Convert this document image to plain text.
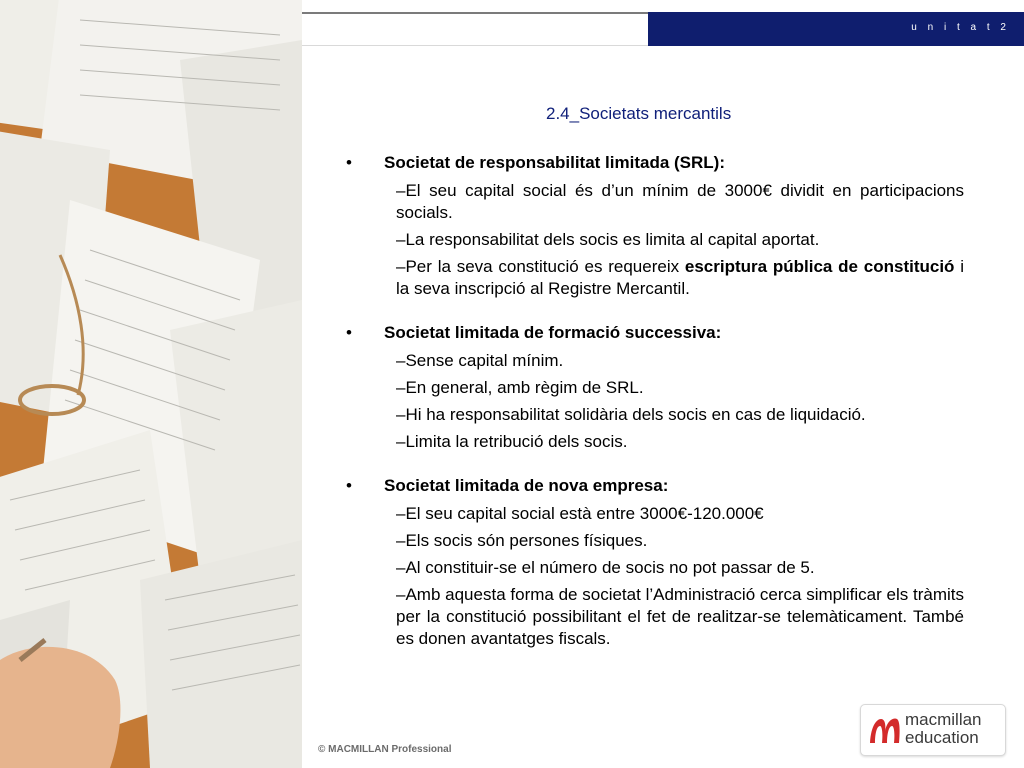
u n i t a t 2
2.4_Societats mercantils
•	Societat de responsabilitat limitada (SRL):
–El seu capital social és d’un mínim de 3000€ dividit en participacions socials.
–La responsabilitat dels socis es limita al capital aportat.
–Per la seva constitució es requereix escriptura pública de constitució i la seva inscripció al Registre Mercantil.
•	Societat limitada de formació successiva:
–Sense capital mínim.
–En general, amb règim de SRL.
–Hi ha responsabilitat solidària dels socis en cas de liquidació.
–Limita la retribució dels socis.
•	Societat limitada de nova empresa:
–El seu capital social està entre 3000€-120.000€
–Els socis són persones físiques.
–Al constituir-se el número de socis no pot passar de 5.
–Amb aquesta forma de societat l’Administració cerca simplificar els tràmits per la constitució possibilitant el fet de realitzar-se telemàticament. També es donen avantatges fiscals.
© MACMILLAN Professional
macmillan
education
